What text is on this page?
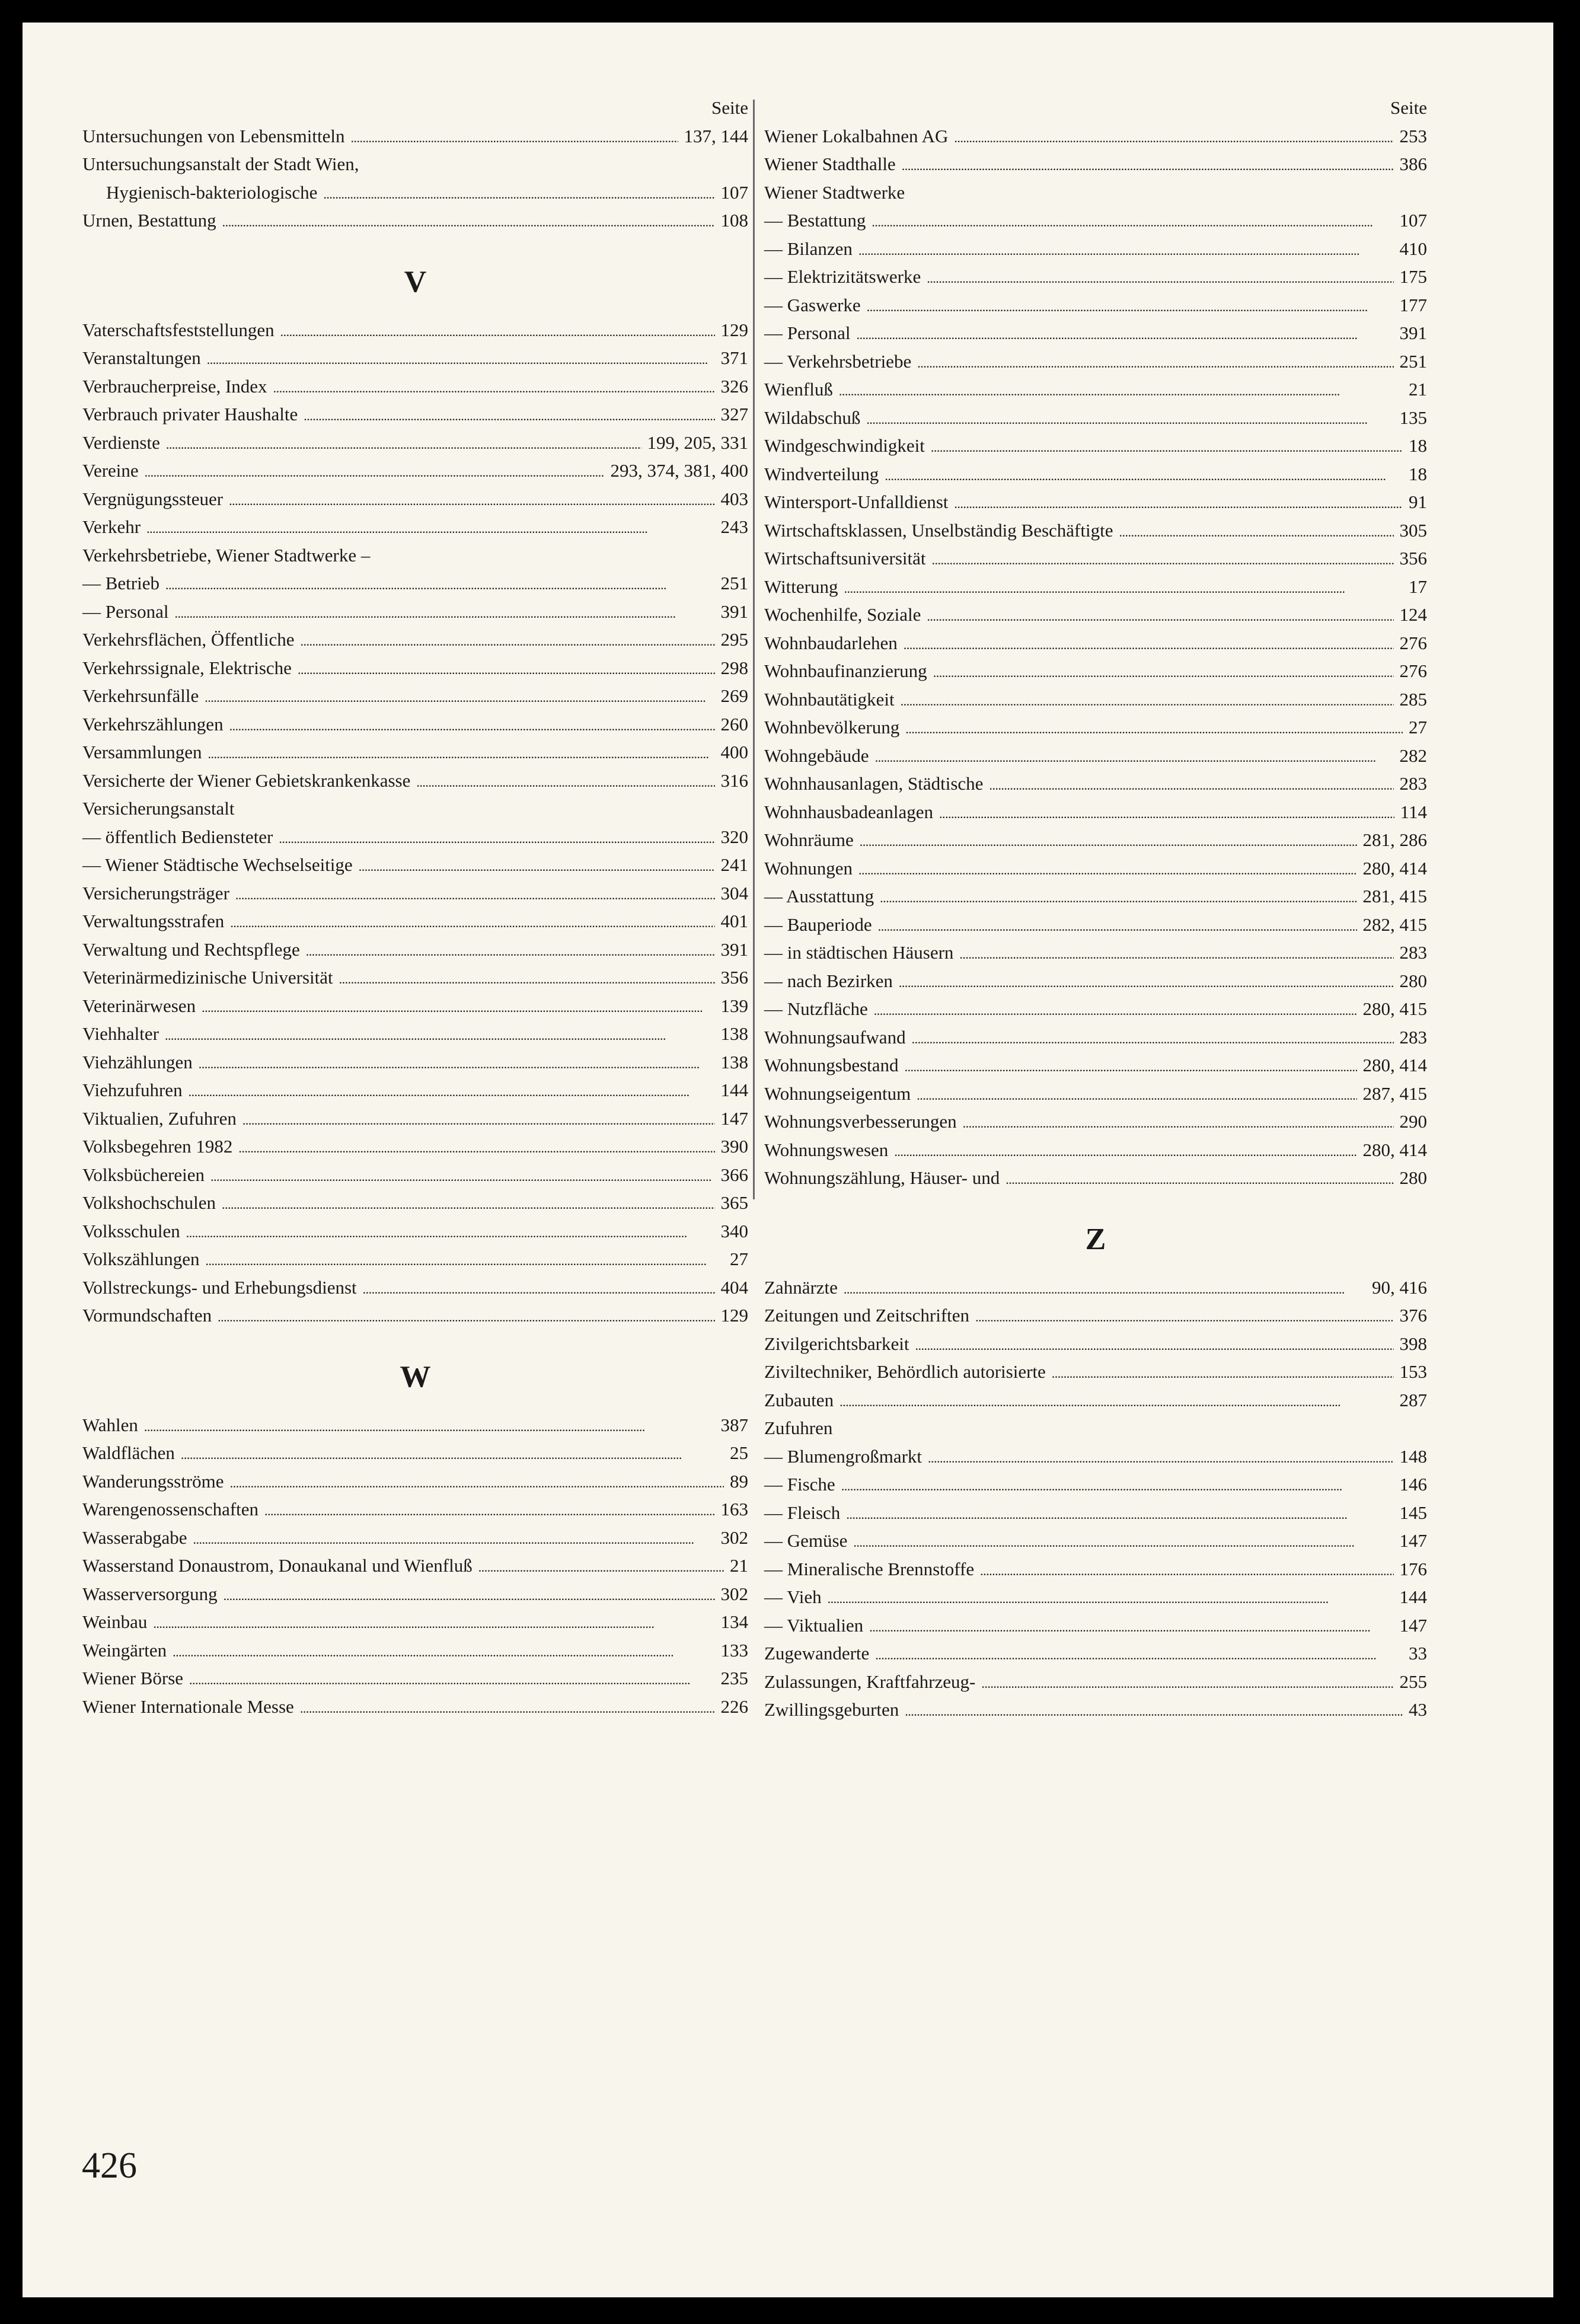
Seite
Untersuchungen von Lebensmitteln . . .	137, 144
Untersuchungsanstalt der Stadt Wien,
Hygienisch-bakteriologische . . .	107
Urnen, Bestattung . . .	108
V
Vaterschaftsfeststellungen . . .	129
Veranstaltungen . . .	371
Verbraucherpreise, Index . . .	326
Verbrauch privater Haushalte . . .	327
Verdienste . . .	199, 205, 331
Vereine . . .	293, 374, 381, 400
Vergnügungssteuer . . .	403
Verkehr . . .	243
Verkehrsbetriebe, Wiener Stadtwerke –
— Betrieb . . .	251
— Personal . . .	391
Verkehrsflächen, Öffentliche . . .	295
Verkehrssignale, Elektrische . . .	298
Verkehrsunfälle . . .	269
Verkehrszählungen . . .	260
Versammlungen . . .	400
Versicherte der Wiener Gebietskrankenkasse . . .	316
Versicherungsanstalt
— öffentlich Bediensteter . . .	320
— Wiener Städtische Wechselseitige . . .	241
Versicherungsträger . . .	304
Verwaltungsstrafen . . .	401
Verwaltung und Rechtspflege . . .	391
Veterinärmedizinische Universität . . .	356
Veterinärwesen . . .	139
Viehhalter . . .	138
Viehzählungen . . .	138
Viehzufuhren . . .	144
Viktualien, Zufuhren . . .	147
Volksbegehren 1982 . . .	390
Volksbüchereien . . .	366
Volkshochschulen . . .	365
Volksschulen . . .	340
Volkszählungen . . .	27
Vollstreckungs- und Erhebungsdienst . . .	404
Vormundschaften . . .	129
W
Wahlen . . .	387
Waldflächen . . .	25
Wanderungsströme . . .	89
Warengenossenschaften . . .	163
Wasserabgabe . . .	302
Wasserstand Donaustrom, Donaukanal und Wienfluß . . .	21
Wasserversorgung . . .	302
Weinbau . . .	134
Weingärten . . .	133
Wiener Börse . . .	235
Wiener Internationale Messe . . .	226
Seite
Wiener Lokalbahnen AG . . .	253
Wiener Stadthalle . . .	386
Wiener Stadtwerke
— Bestattung . . .	107
— Bilanzen . . .	410
— Elektrizitätswerke . . .	175
— Gaswerke . . .	177
— Personal . . .	391
— Verkehrsbetriebe . . .	251
Wienfluß . . .	21
Wildabschuß . . .	135
Windgeschwindigkeit . . .	18
Windverteilung . . .	18
Wintersport-Unfalldienst . . .	91
Wirtschaftsklassen, Unselbständig Beschäftigte . . .	305
Wirtschaftsuniversität . . .	356
Witterung . . .	17
Wochenhilfe, Soziale . . .	124
Wohnbaudarlehen . . .	276
Wohnbaufinanzierung . . .	276
Wohnbautätigkeit . . .	285
Wohnbevölkerung . . .	27
Wohngebäude . . .	282
Wohnhausanlagen, Städtische . . .	283
Wohnhausbadeanlagen . . .	114
Wohnräume . . .	281, 286
Wohnungen . . .	280, 414
— Ausstattung . . .	281, 415
— Bauperiode . . .	282, 415
— in städtischen Häusern . . .	283
— nach Bezirken . . .	280
— Nutzfläche . . .	280, 415
Wohnungsaufwand . . .	283
Wohnungsbestand . . .	280, 414
Wohnungseigentum . . .	287, 415
Wohnungsverbesserungen . . .	290
Wohnungswesen . . .	280, 414
Wohnungszählung, Häuser- und . . .	280
Z
Zahnärzte . . .	90, 416
Zeitungen und Zeitschriften . . .	376
Zivilgerichtsbarkeit . . .	398
Ziviltechniker, Behördlich autorisierte . . .	153
Zubauten . . .	287
Zufuhren
— Blumengroßmarkt . . .	148
— Fische . . .	146
— Fleisch . . .	145
— Gemüse . . .	147
— Mineralische Brennstoffe . . .	176
— Vieh . . .	144
— Viktualien . . .	147
Zugewanderte . . .	33
Zulassungen, Kraftfahrzeug- . . .	255
Zwillingsgeburten . . .	43
426
